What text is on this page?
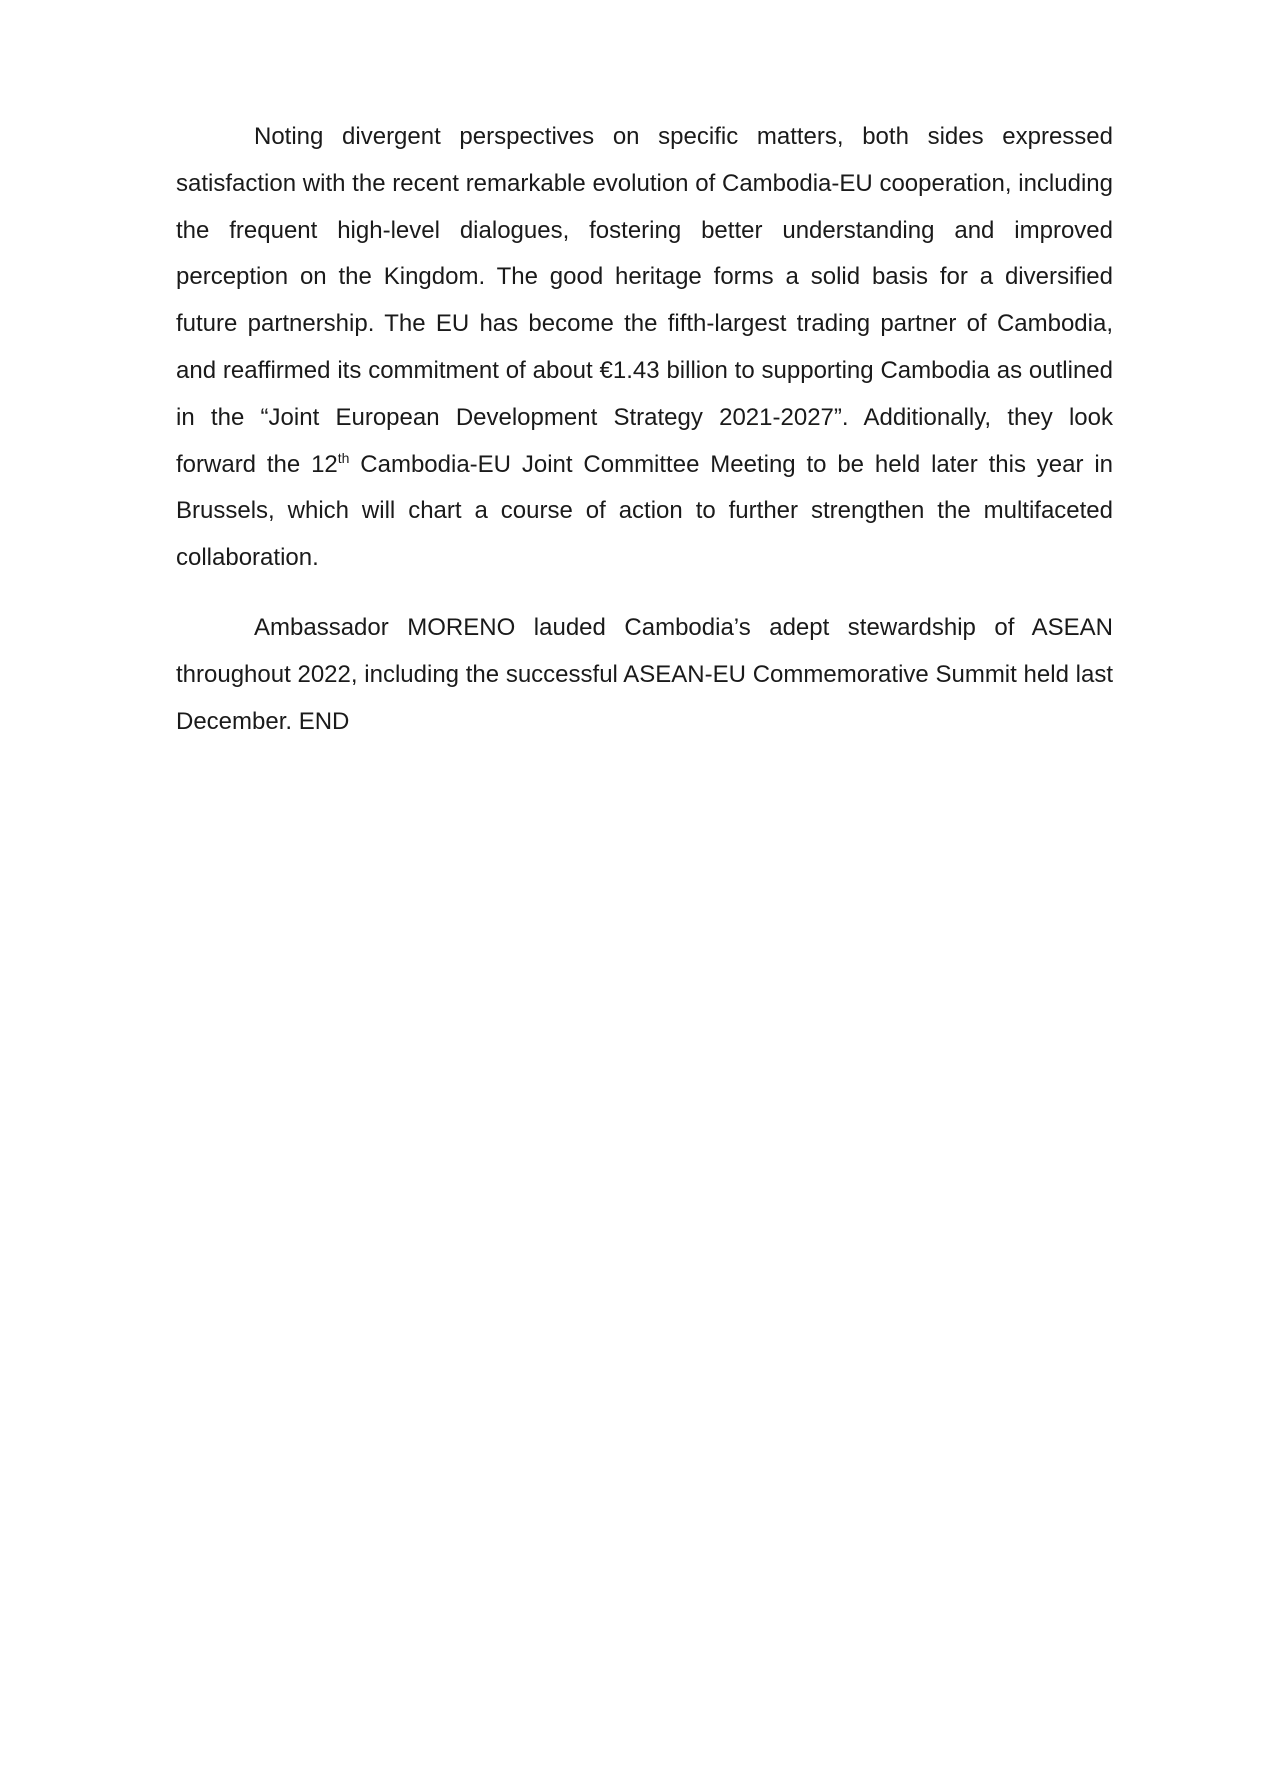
Noting divergent perspectives on specific matters, both sides expressed satisfaction with the recent remarkable evolution of Cambodia-EU cooperation, including the frequent high-level dialogues, fostering better understanding and improved perception on the Kingdom. The good heritage forms a solid basis for a diversified future partnership. The EU has become the fifth-largest trading partner of Cambodia, and reaffirmed its commitment of about €1.43 billion to supporting Cambodia as outlined in the “Joint European Development Strategy 2021-2027”. Additionally, they look forward the 12th Cambodia-EU Joint Committee Meeting to be held later this year in Brussels, which will chart a course of action to further strengthen the multifaceted collaboration.

Ambassador MORENO lauded Cambodia’s adept stewardship of ASEAN throughout 2022, including the successful ASEAN-EU Commemorative Summit held last December. END
